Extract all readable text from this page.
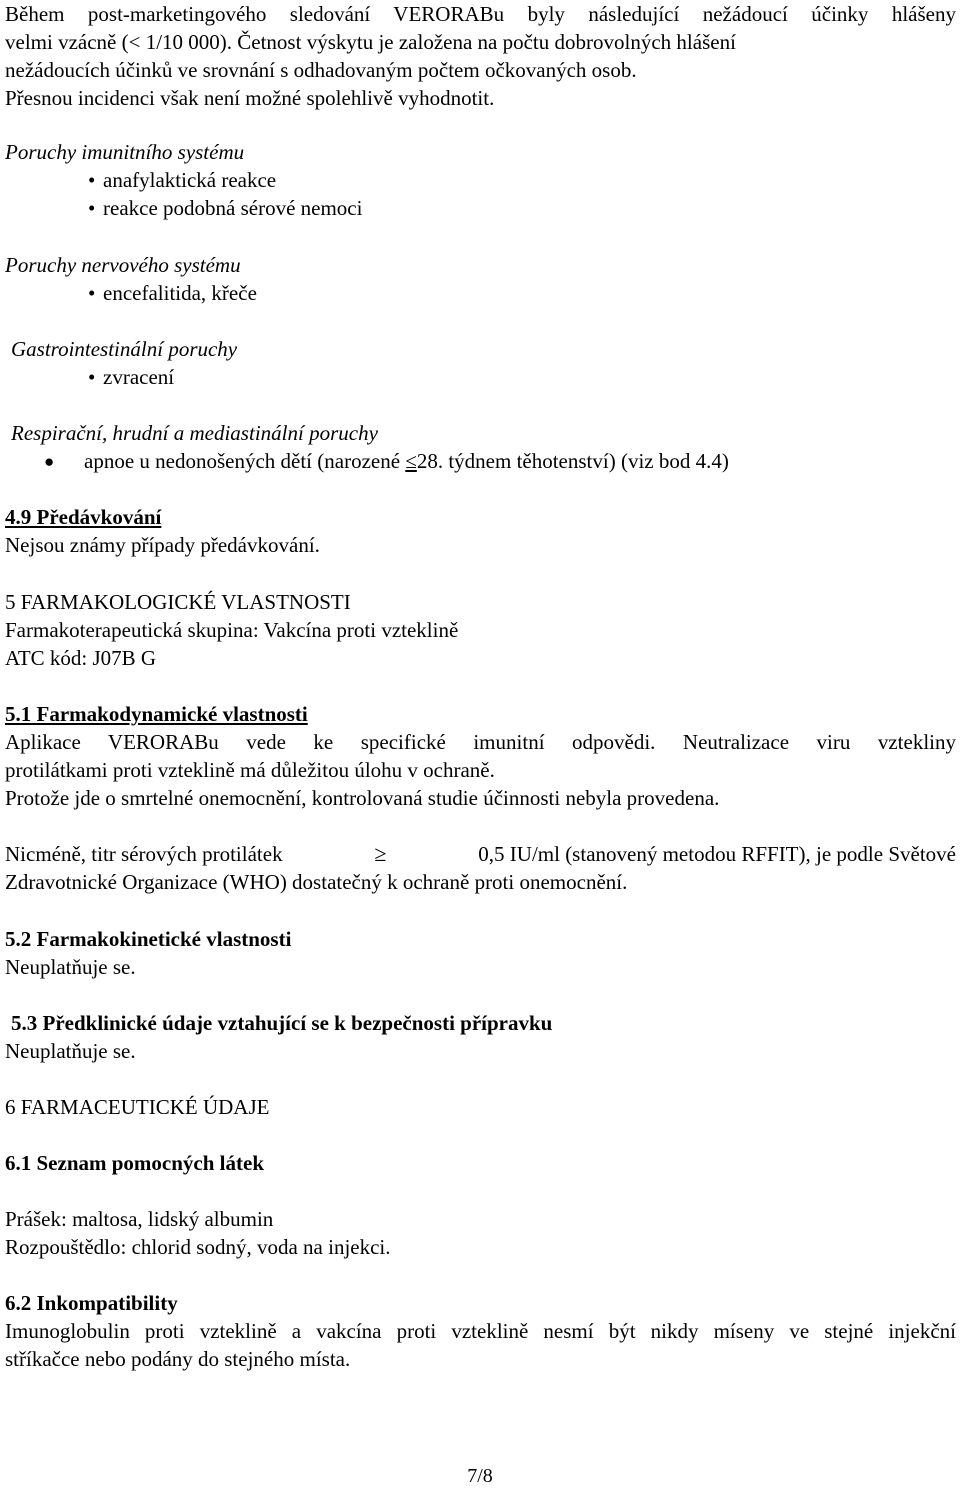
Během post-marketingového sledování VERORABu byly následující nežádoucí účinky hlášeny
velmi vzácně (< 1/10 000). Četnost výskytu je založena na počtu dobrovolných hlášení
nežádoucích účinků ve srovnání s odhadovaným počtem očkovaných osob.
Přesnou incidenci však není možné spolehlivě vyhodnotit.
Poruchy imunitního systému
• anafylaktická reakce
• reakce podobná sérové nemoci
Poruchy nervového systému
• encefalitida, křeče
Gastrointestinální poruchy
• zvracení
Respirační, hrudní a mediastinální poruchy
● apnoe u nedonošených dětí (narozené ≤28. týdnem těhotenství) (viz bod 4.4)
4.9 Předávkování
Nejsou známy případy předávkování.
5 FARMAKOLOGICKÉ VLASTNOSTI
Farmakoterapeutická skupina: Vakcína proti vzteklině
ATC kód: J07B G
5.1 Farmakodynamické vlastnosti
Aplikace VERORABu vede ke specifické imunitní odpovědi. Neutralizace viru vztekliny
protilátkami proti vzteklině má důležitou úlohu v ochraně.
Protože jde o smrtelné onemocnění, kontrolovaná studie účinnosti nebyla provedena.
Nicméně, titr sérových protilátek	≥	0,5 IU/ml (stanovený metodou RFFIT), je podle Světové
Zdravotnické Organizace (WHO) dostatečný k ochraně proti onemocnění.
5.2 Farmakokinetické vlastnosti
Neuplatňuje se.
5.3 Předklinické údaje vztahující se k bezpečnosti přípravku
Neuplatňuje se.
6 FARMACEUTICKÉ ÚDAJE
6.1 Seznam pomocných látek
Prášek: maltosa, lidský albumin
Rozpouštědlo: chlorid sodný, voda na injekci.
6.2 Inkompatibility
Imunoglobulin proti vzteklině a vakcína proti vzteklině nesmí být nikdy míseny ve stejné injekční
stříkačce nebo podány do stejného místa.
7/8
